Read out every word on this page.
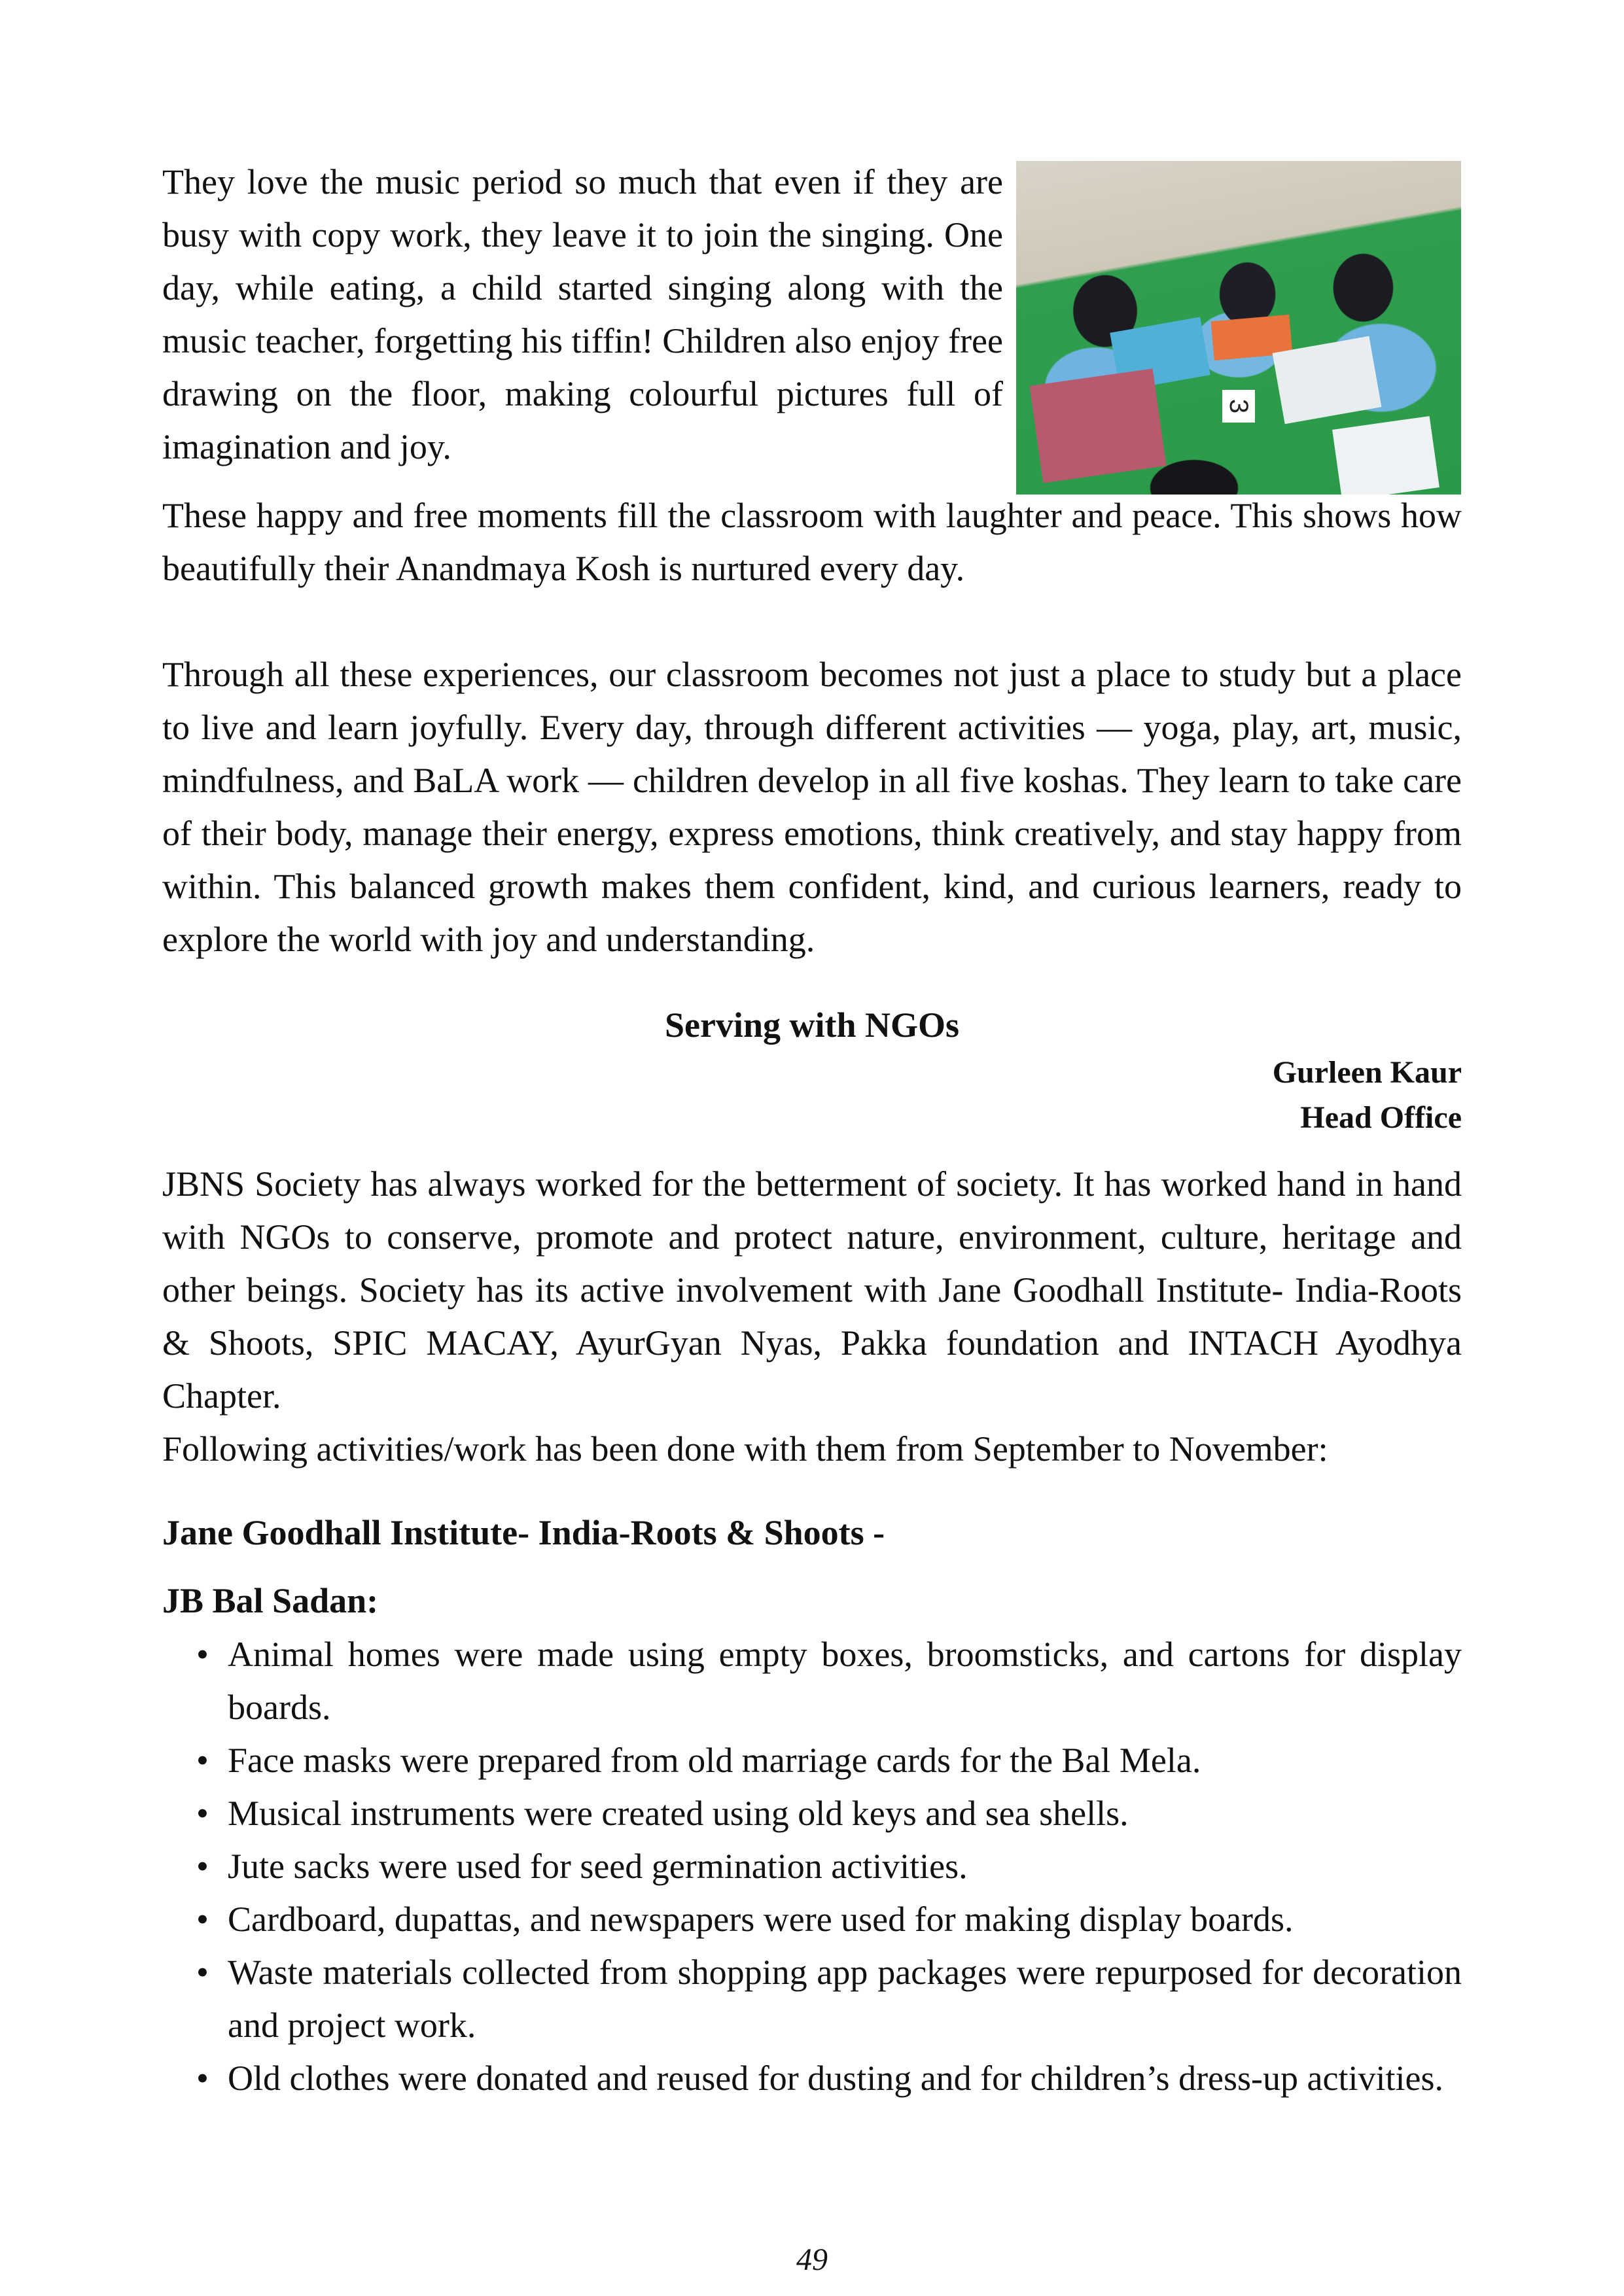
They love the music period so much that even if they are busy with copy work, they leave it to join the singing. One day, while eating, a child started singing along with the music teacher, forgetting his tiffin! Children also enjoy free drawing on the floor, making colourful pictures full of imagination and joy.

3

These happy and free moments fill the classroom with laughter and peace. This shows how beautifully their Anandmaya Kosh is nurtured every day.

Through all these experiences, our classroom becomes not just a place to study but a place to live and learn joyfully. Every day, through different activities — yoga, play, art, music, mindfulness, and BaLA work — children develop in all five koshas. They learn to take care of their body, manage their energy, express emotions, think creatively, and stay happy from within. This balanced growth makes them confident, kind, and curious learners, ready to explore the world with joy and understanding.

Serving with NGOs
Gurleen Kaur
Head Office

JBNS Society has always worked for the betterment of society. It has worked hand in hand with NGOs to conserve, promote and protect nature, environment, culture, heritage and other beings. Society has its active involvement with Jane Goodhall Institute- India-Roots & Shoots, SPIC MACAY, AyurGyan Nyas, Pakka foundation and INTACH Ayodhya Chapter.

Following activities/work has been done with them from September to November:

Jane Goodhall Institute- India-Roots & Shoots -
JB Bal Sadan:
• Animal homes were made using empty boxes, broomsticks, and cartons for display boards.
• Face masks were prepared from old marriage cards for the Bal Mela.
• Musical instruments were created using old keys and sea shells.
• Jute sacks were used for seed germination activities.
• Cardboard, dupattas, and newspapers were used for making display boards.
• Waste materials collected from shopping app packages were repurposed for decoration and project work.
• Old clothes were donated and reused for dusting and for children’s dress-up activities.
49
